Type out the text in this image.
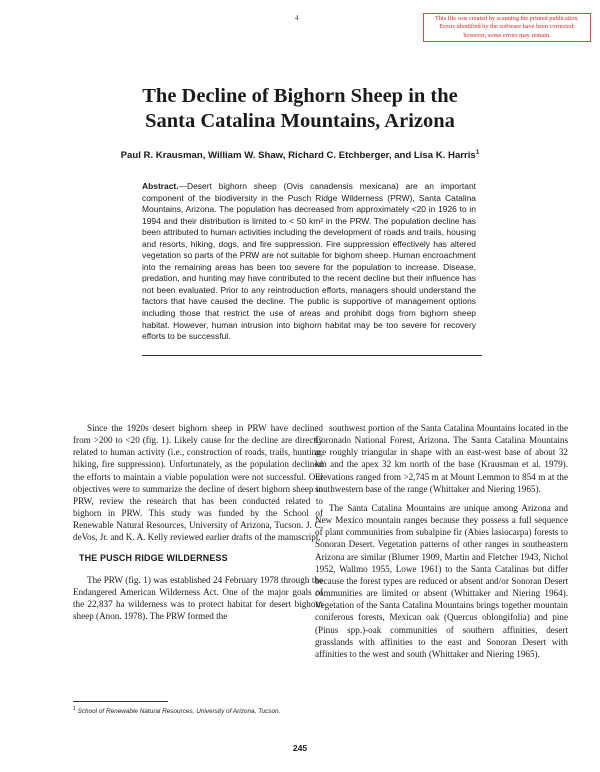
This file was created by scanning the printed publication.
Errors identified by the software have been corrected;
however, some errors may remain.
4
The Decline of Bighorn Sheep in the
Santa Catalina Mountains, Arizona
Paul R. Krausman, William W. Shaw, Richard C. Etchberger, and Lisa K. Harris$^1$

Abstract.—Desert bighorn sheep (Ovis canadensis mexicana) are an important component of the biodiversity in the Pusch Ridge Wilderness (PRW), Santa Catalina Mountains, Arizona. The population has decreased from approximately <20 in 1926 to in 1994 and their distribution is limited to < 50 km² in the PRW. The population decline has been attributed to human activities including the development of roads and trails, housing and resorts, hiking, dogs, and fire suppression. Fire suppression effectively has altered vegetation so parts of the PRW are not suitable for bighorn sheep. Human encroachment into the remaining areas has been too severe for the population to increase. Disease, predation, and hunting may have contributed to the recent decline but their influence has not been evaluated. Prior to any reintroduction efforts, managers should understand the factors that have caused the decline. The public is supportive of management options including those that restrict the use of areas and prohibit dogs from bighorn sheep habitat. However, human intrusion into bighorn habitat may be too severe for recovery efforts to be successful.

Since the 1920s desert bighorn sheep in PRW have declined from >200 to <20 (fig. 1). Likely cause for the decline are directly related to human activity (i.e., construction of roads, trails, hunting, hiking, fire suppression). Unfortunately, as the population declined the efforts to maintain a viable population were not successful. Our objectives were to summarize the decline of desert bighorn sheep in PRW, review the research that has been conducted related to bighorn in PRW. This study was funded by the School of Renewable Natural Resources, University of Arizona, Tucson. J. C. deVos, Jr. and K. A. Kelly reviewed earlier drafts of the manuscript.

THE PUSCH RIDGE WILDERNESS

The PRW (fig. 1) was established 24 February 1978 through the Endangered American Wilderness Act. One of the major goals of the 22,837 ha wilderness was to protect habitat for desert bighorn sheep (Anon. 1978). The PRW formed the

southwest portion of the Santa Catalina Mountains located in the Coronado National Forest, Arizona. The Santa Catalina Mountains are roughly triangular in shape with an east-west base of about 32 km and the apex 32 km north of the base (Krausman et al. 1979). Elevations ranged from >2,745 m at Mount Lemmon to 854 m at the southwestern base of the range (Whittaker and Niering 1965).

The Santa Catalina Mountains are unique among Arizona and New Mexico mountain ranges because they possess a full sequence of plant communities from subalpine fir (Abies lasiocarpa) forests to Sonoran Desert. Vegetation patterns of other ranges in southeastern Arizona are similar (Blumer 1909, Martin and Fletcher 1943, Nichol 1952, Wallmo 1955, Lowe 1961) to the Santa Catalinas but differ because the forest types are reduced or absent and/or Sonoran Desert communities are limited or absent (Whittaker and Niering 1964). Vegetation of the Santa Catalina Mountains brings together mountain coniferous forests, Mexican oak (Quercus oblongifolia) and pine (Pinus spp.)-oak communities of southern affinities, desert grasslands with affinities to the east and Sonoran Desert with affinities to the west and south (Whittaker and Niering 1965).

$^1$ School of Renewable Natural Resources, University of Arizona, Tucson.
245
